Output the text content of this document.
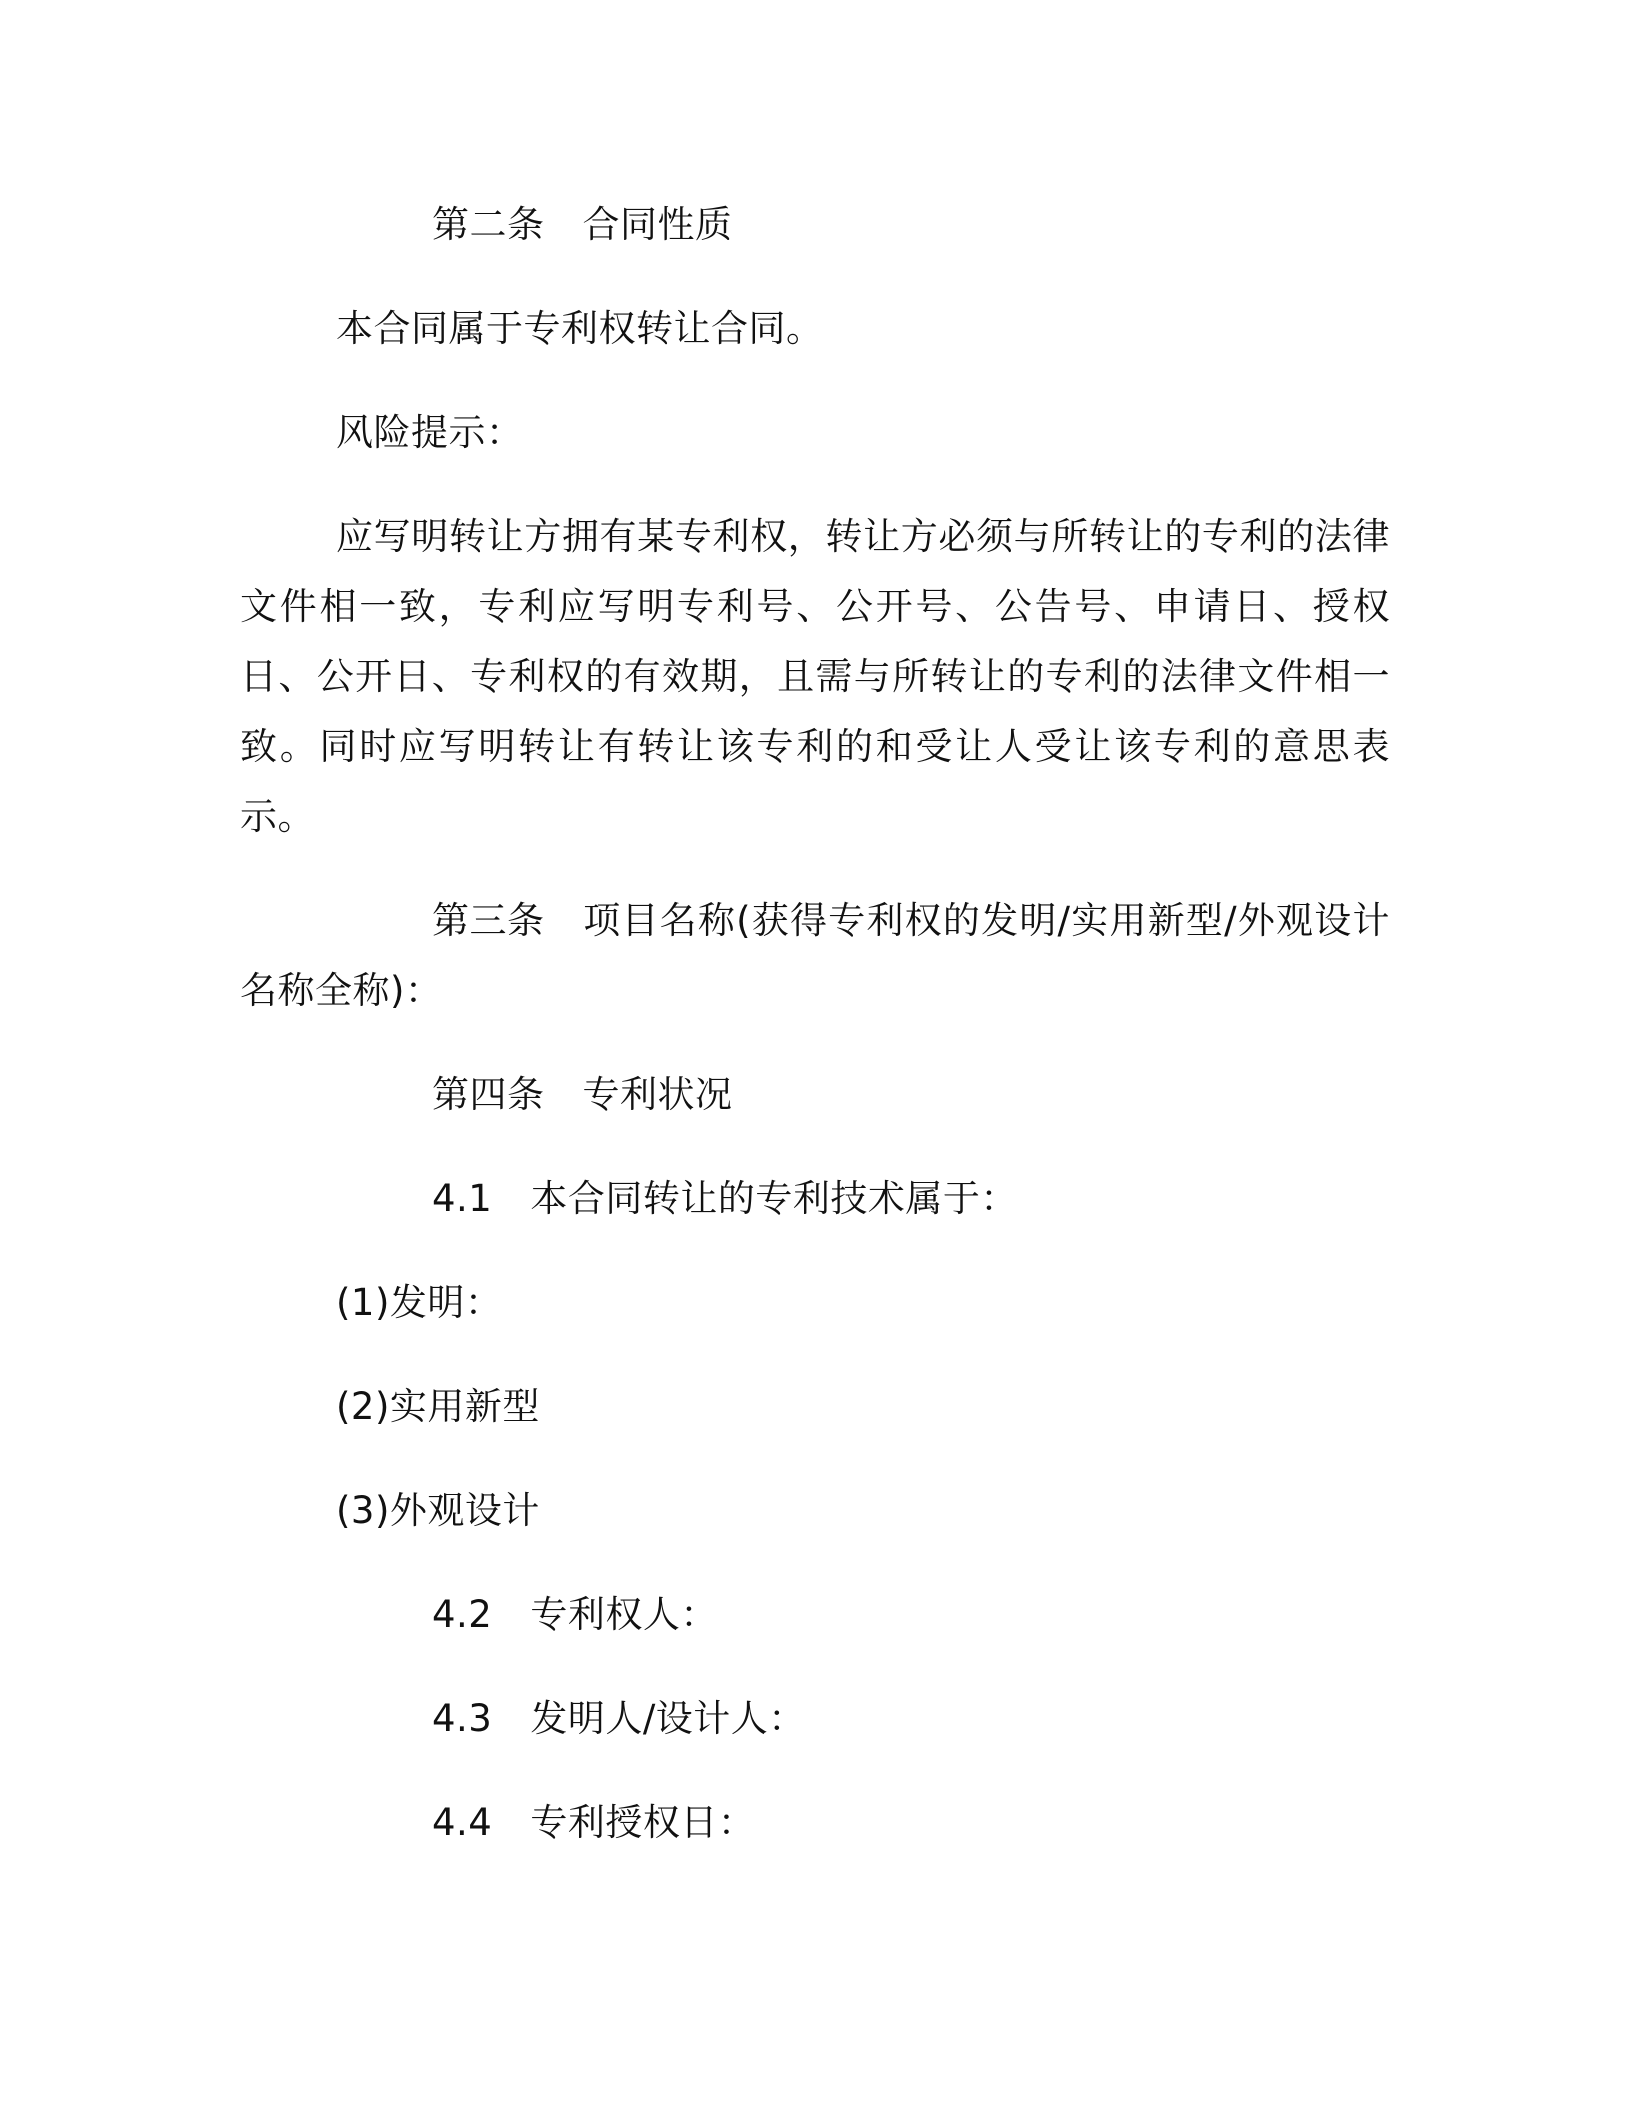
第二条 合同性质

本合同属于专利权转让合同。

风险提示：

应写明转让方拥有某专利权，转让方必须与所转让的专利的法律文件相一致，专利应写明专利号、公开号、公告号、申请日、授权日、公开日、专利权的有效期，且需与所转让的专利的法律文件相一致。同时应写明转让有转让该专利的和受让人受让该专利的意思表示。

第三条 项目名称(获得专利权的发明/实用新型/外观设计名称全称)：

第四条 专利状况

4.1 本合同转让的专利技术属于：

(1)发明：

(2)实用新型

(3)外观设计

4.2 专利权人：

4.3 发明人/设计人：

4.4 专利授权日：
